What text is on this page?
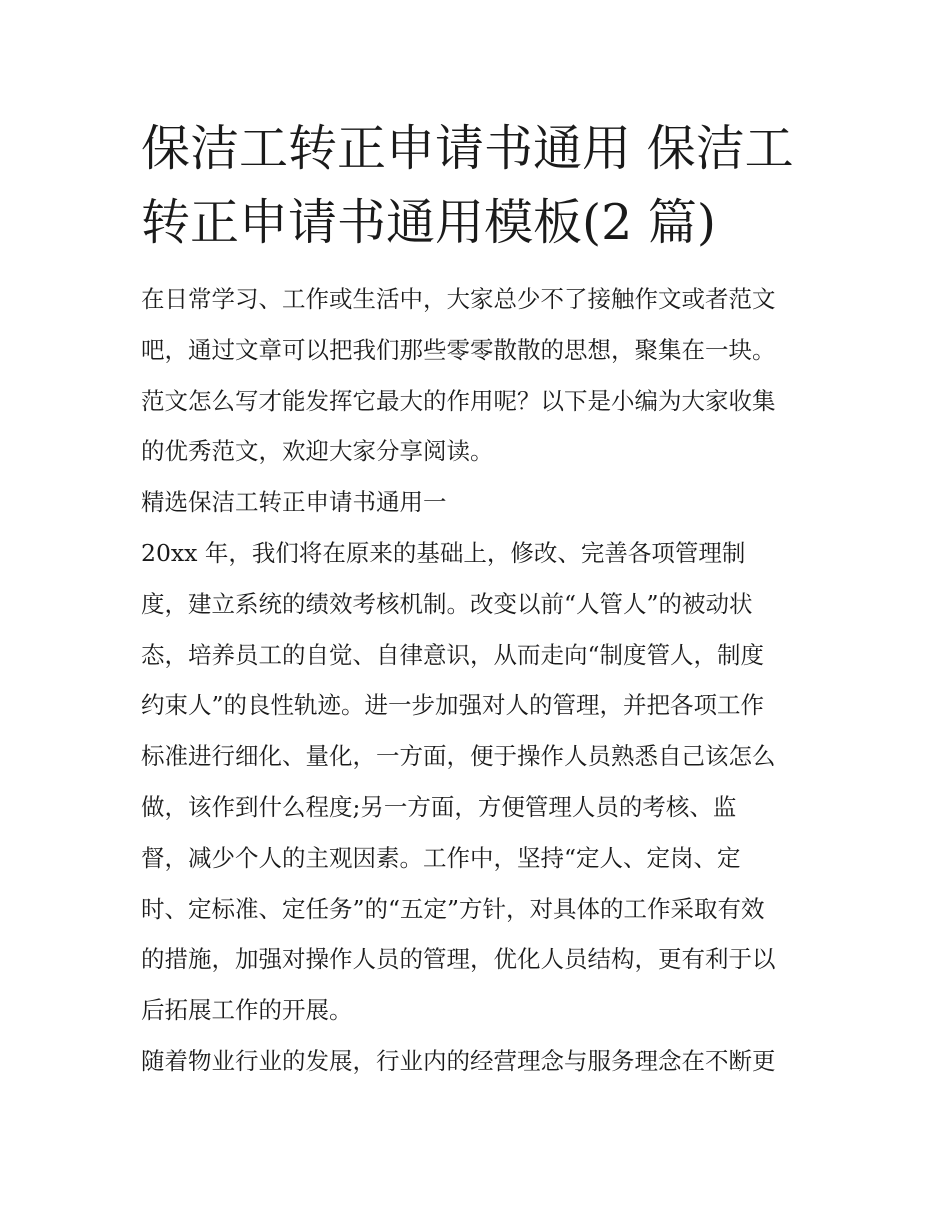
保洁工转正申请书通用 保洁工

转正申请书通用模板(2 篇)

在日常学习、工作或生活中，大家总少不了接触作文或者范文

吧，通过文章可以把我们那些零零散散的思想，聚集在一块。

范文怎么写才能发挥它最大的作用呢？以下是小编为大家收集

的优秀范文，欢迎大家分享阅读。

精选保洁工转正申请书通用一

20xx 年，我们将在原来的基础上，修改、完善各项管理制

度，建立系统的绩效考核机制。改变以前“人管人”的被动状

态，培养员工的自觉、自律意识，从而走向“制度管人，制度

约束人”的良性轨迹。进一步加强对人的管理，并把各项工作

标准进行细化、量化，一方面，便于操作人员熟悉自己该怎么

做，该作到什么程度;另一方面，方便管理人员的考核、监

督，减少个人的主观因素。工作中，坚持“定人、定岗、定

时、定标准、定任务”的“五定”方针，对具体的工作采取有效

的措施，加强对操作人员的管理，优化人员结构，更有利于以

后拓展工作的开展。

随着物业行业的发展，行业内的经营理念与服务理念在不断更
